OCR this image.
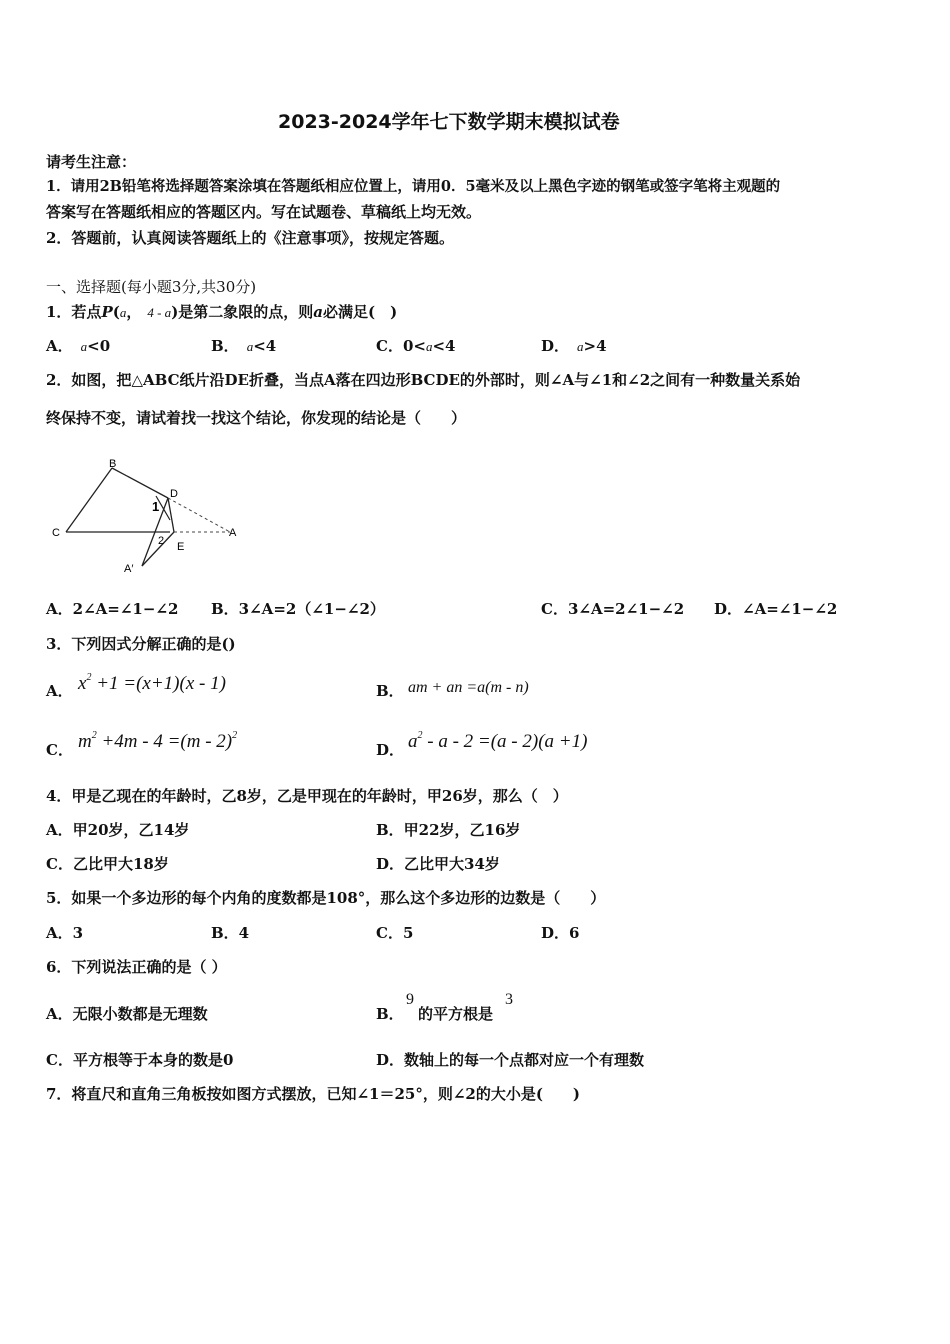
2023-2024学年七下数学期末模拟试卷
请考生注意：
1．请用2B铅笔将选择题答案涂填在答题纸相应位置上，请用0．5毫米及以上黑色字迹的钢笔或签字笔将主观题的
答案写在答题纸相应的答题区内。写在试题卷、草稿纸上均无效。
2．答题前，认真阅读答题纸上的《注意事项》，按规定答题。
一、选择题(每小题3分,共30分)
1．若点P(a， 4 - a)是第二象限的点，则a必满足(　)
A． a<0	B． a<4	C．0<a<4	D． a>4
2．如图，把△ABC纸片沿DE折叠，当点A落在四边形BCDE的外部时，则∠A与∠1和∠2之间有一种数量关系始
终保持不变，请试着找一找这个结论，你发现的结论是（　　）
B
C
D
A
E
A′
1
2
A．2∠A=∠1−∠2 B．3∠A=2（∠1−∠2）	C．3∠A=2∠1−∠2 D．∠A=∠1−∠2
3．下列因式分解正确的是()
A． $x^2 +1 =(x+1)(x - 1)$	B． am + an =a(m - n)
C． $m^2 +4m - 4 =(m - 2)^2$
D． $a^2 - a - 2 =(a - 2)(a +1)$
4．甲是乙现在的年龄时，乙8岁，乙是甲现在的年龄时，甲26岁，那么（　）
A．甲20岁，乙14岁	B．甲22岁，乙16岁
C．乙比甲大18岁	D．乙比甲大34岁
5．如果一个多边形的每个内角的度数都是108°，那么这个多边形的边数是（　　）
A．3	B．4	C．5	D．6
6．下列说法正确的是（ ）
A．无限小数都是无理数	B．
9
的平方根是
3
C．平方根等于本身的数是0	D．数轴上的每一个点都对应一个有理数
7．将直尺和直角三角板按如图方式摆放，已知∠1＝25°，则∠2的大小是(　　)
